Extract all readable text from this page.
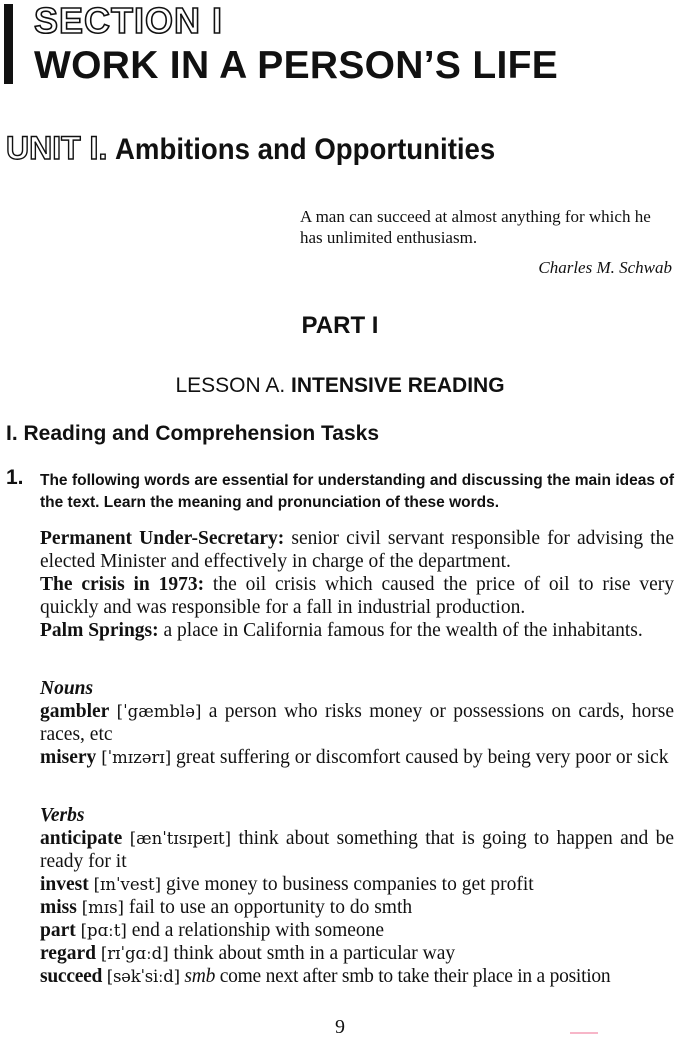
SECTION I
WORK IN A PERSON’S LIFE
UNIT I. Ambitions and Opportunities
A man can succeed at almost anything for which he has unlimited enthusiasm.
Charles M. Schwab
PART I
LESSON A. INTENSIVE READING
I. Reading and Comprehension Tasks
1. The following words are essential for understanding and discussing the main ideas of the text. Learn the meaning and pronunciation of these words.

Permanent Under-Secretary: senior civil servant responsible for advising the elected Minister and effectively in charge of the department.

The crisis in 1973: the oil crisis which caused the price of oil to rise very quickly and was responsible for a fall in industrial production.

Palm Springs: a place in California famous for the wealth of the inhabitants.

Nouns

gambler [ˈgæmblə] a person who risks money or possessions on cards, horse races, etc

misery [ˈmɪzərɪ] great suffering or discomfort caused by being very poor or sick

Verbs

anticipate [ænˈtɪsɪpeɪt] think about something that is going to happen and be ready for it

invest [ɪnˈvest] give money to business companies to get profit

miss [mɪs] fail to use an opportunity to do smth

part [pɑːt] end a relationship with someone

regard [rɪˈgɑːd] think about smth in a particular way

succeed [səkˈsiːd] smb come next after smb to take their place in a position

9
